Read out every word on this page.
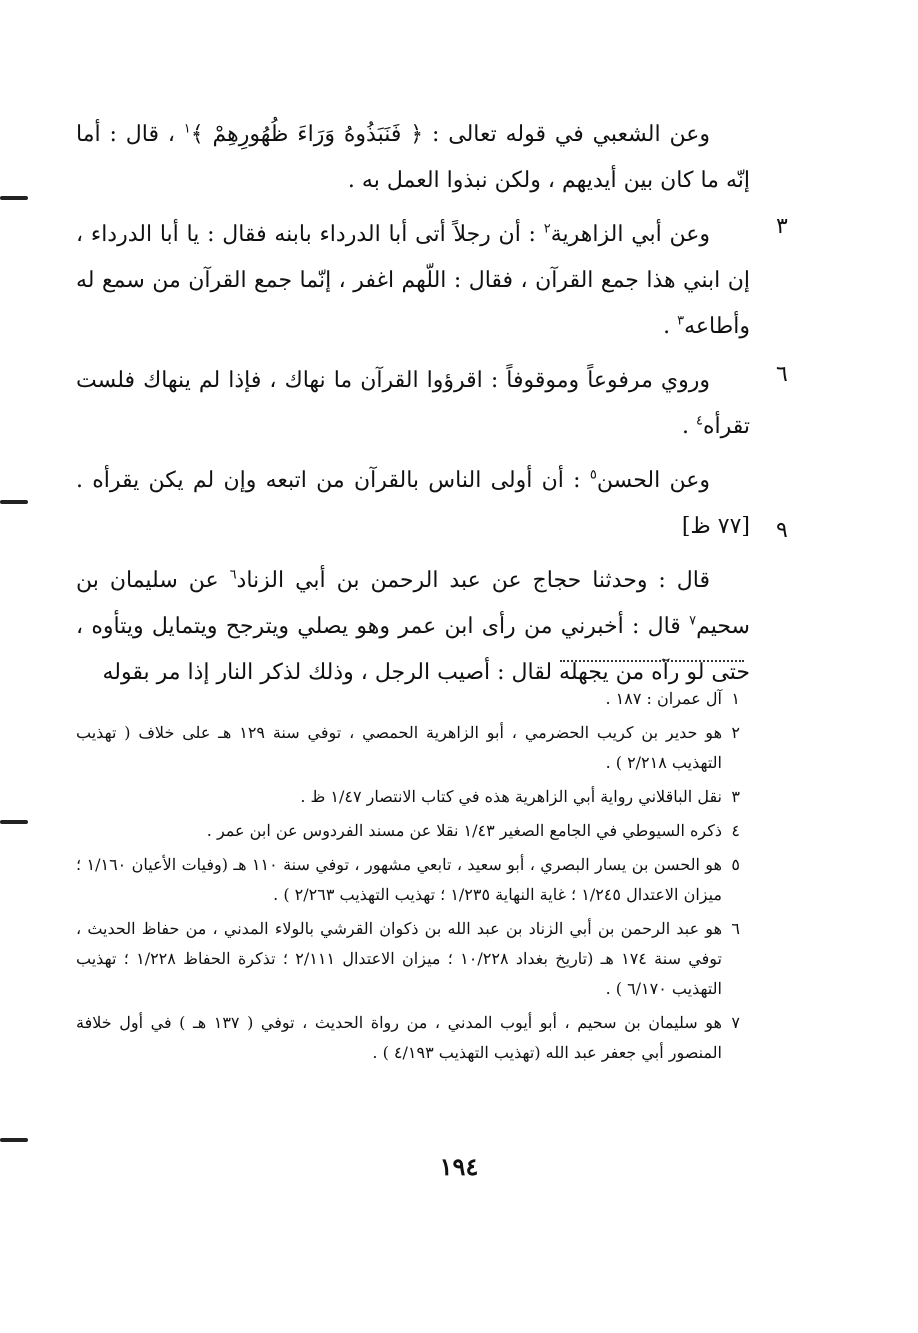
وعن الشعبي في قوله تعالى : ﴿ فَنَبَذُوهُ وَرَاءَ ظُهُورِهِمْ ﴾$^١$ ، قال : أما إنّه ما كان بين أيديهم ، ولكن نبذوا العمل به .

وعن أبي الزاهرية$^٢$ : أن رجلاً أتى أبا الدرداء بابنه فقال : يا أبا الدرداء ، إن ابني هذا جمع القرآن ، فقال : اللّهم اغفر ، إنّما جمع القرآن من سمع له وأطاعه$^٣$ .

وروي مرفوعاً وموقوفاً : اقرؤوا القرآن ما نهاك ، فإذا لم ينهاك فلست تقرأه$^٤$ .

وعن الحسن$^٥$ : أن أولى الناس بالقرآن من اتبعه وإن لم يكن يقرأه . [٧٧ ظ]

قال : وحدثنا حجاج عن عبد الرحمن بن أبي الزناد$^٦$ عن سليمان بن سحيم$^٧$ قال : أخبرني من رأى ابن عمر وهو يصلي ويترجح ويتمايل ويتأوه ، حتى لو رآه من يجهله لقال : أصيب الرجل ، وذلك لذكر النار إذا مر بقوله

٣
٦
٩
١
آل عمران : ١٨٧ .
٢
هو حدير بن كريب الحضرمي ، أبو الزاهرية الحمصي ، توفي سنة ١٢٩ هـ على خلاف ( تهذيب التهذيب ٢/٢١٨ ) .
٣
نقل الباقلاني رواية أبي الزاهرية هذه في كتاب الانتصار ١/٤٧ ظ .
٤
ذكره السيوطي في الجامع الصغير ١/٤٣ نقلا عن مسند الفردوس عن ابن عمر .
٥
هو الحسن بن يسار البصري ، أبو سعيد ، تابعي مشهور ، توفي سنة ١١٠ هـ (وفيات الأعيان ١/١٦٠ ؛ ميزان الاعتدال ١/٢٤٥ ؛ غاية النهاية ١/٢٣٥ ؛ تهذيب التهذيب ٢/٢٦٣ ) .
٦
هو عبد الرحمن بن أبي الزناد بن عبد الله بن ذكوان القرشي بالولاء المدني ، من حفاظ الحديث ، توفي سنة ١٧٤ هـ (تاريخ بغداد ١٠/٢٢٨ ؛ ميزان الاعتدال ٢/١١١ ؛ تذكرة الحفاظ ١/٢٢٨ ؛ تهذيب التهذيب ٦/١٧٠ ) .
٧
هو سليمان بن سحيم ، أبو أيوب المدني ، من رواة الحديث ، توفي ( ١٣٧ هـ ) في أول خلافة المنصور أبي جعفر عبد الله (تهذيب التهذيب ٤/١٩٣ ) .
١٩٤
